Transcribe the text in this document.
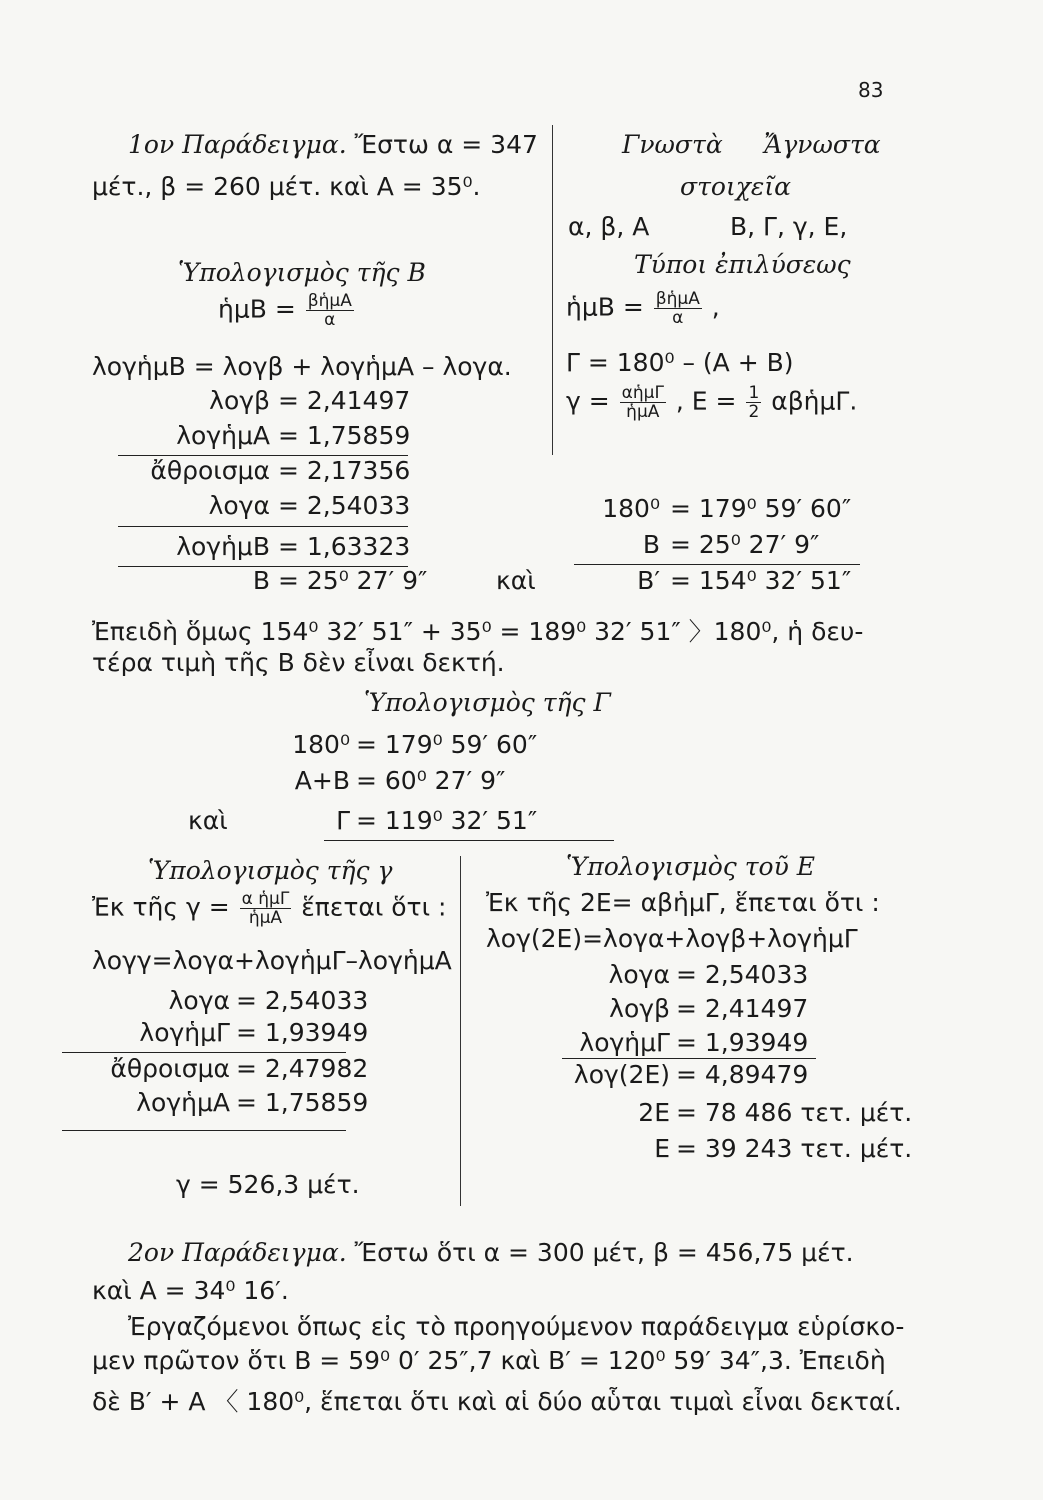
83
1ον Παράδειγμα. Ἔστω α = 347
μέτ., β = 260 μέτ. καὶ Α = 35⁰.
Ὑπολογισμὸς τῆς Β
ἡμΒ = $\frac{\text{βἡμΑ}}{\alpha}$
λογἡμΒ = λογβ + λογἡμΑ – λογα.
λογβ = 2,41497
λογἡμΑ = 1,75859
ἄθροισμα = 2,17356
λογα = 2,54033
λογἡμΒ = 1,63323
Β = 25⁰ 27′ 9″	καὶ
Γνωστὰ Ἄγνωστα
στοιχεῖα
α, β, Α	Β, Γ, γ, Ε,
Τύποι ἐπιλύσεως
ἡμΒ = $\frac{\text{βἡμΑ}}{\alpha}$ ,
Γ = 180⁰ – (Α + Β)
$\gamma = \frac{\text{αἡμΓ}}{\text{ἡμΑ}}$ , $E = \frac{1}{2}$ αβἡμΓ.
180⁰ = 179⁰ 59′ 60″
Β = 25⁰ 27′ 9″
Β′ = 154⁰ 32′ 51″
Ἐπειδὴ ὅμως 154⁰ 32′ 51″ + 35⁰ = 189⁰ 32′ 51″ 〉180⁰, ἡ δευ-
τέρα τιμὴ τῆς Β δὲν εἶναι δεκτή.
Ὑπολογισμὸς τῆς Γ
180⁰ = 179⁰ 59′ 60″
Α+Β = 60⁰ 27′ 9″
καὶ	Γ = 119⁰ 32′ 51″
Ὑπολογισμὸς τῆς γ
Ἐκ τῆς $\gamma = \frac{\text{α ἡμΓ}}{\text{ἡμΑ}}$ ἕπεται ὅτι :
λογγ=λογα+λογἡμΓ–λογἡμΑ
λογα = 2,54033
λογἡμΓ = 1,93949
ἄθροισμα = 2,47982
λογἡμΑ = 1,75859
γ = 526,3 μέτ.
Ὑπολογισμὸς τοῦ Ε
Ἐκ τῆς 2Ε= αβἡμΓ, ἕπεται ὅτι :
λογ(2Ε)=λογα+λογβ+λογἡμΓ
λογα = 2,54033
λογβ = 2,41497
λογἡμΓ = 1,93949
λογ(2Ε) = 4,89479
2Ε = 78 486 τετ. μέτ.
Ε = 39 243 τετ. μέτ.
2ον Παράδειγμα. Ἔστω ὅτι α = 300 μέτ, β = 456,75 μέτ.
καὶ Α = 34⁰ 16′.
Ἐργαζόμενοι ὅπως εἰς τὸ προηγούμενον παράδειγμα εὑρίσκο-
μεν πρῶτον ὅτι Β = 59⁰ 0′ 25″,7 καὶ Β′ = 120⁰ 59′ 34″,3. Ἐπειδὴ
δὲ Β′ + Α 〈 180⁰, ἕπεται ὅτι καὶ αἱ δύο αὗται τιμαὶ εἶναι δεκταί.
